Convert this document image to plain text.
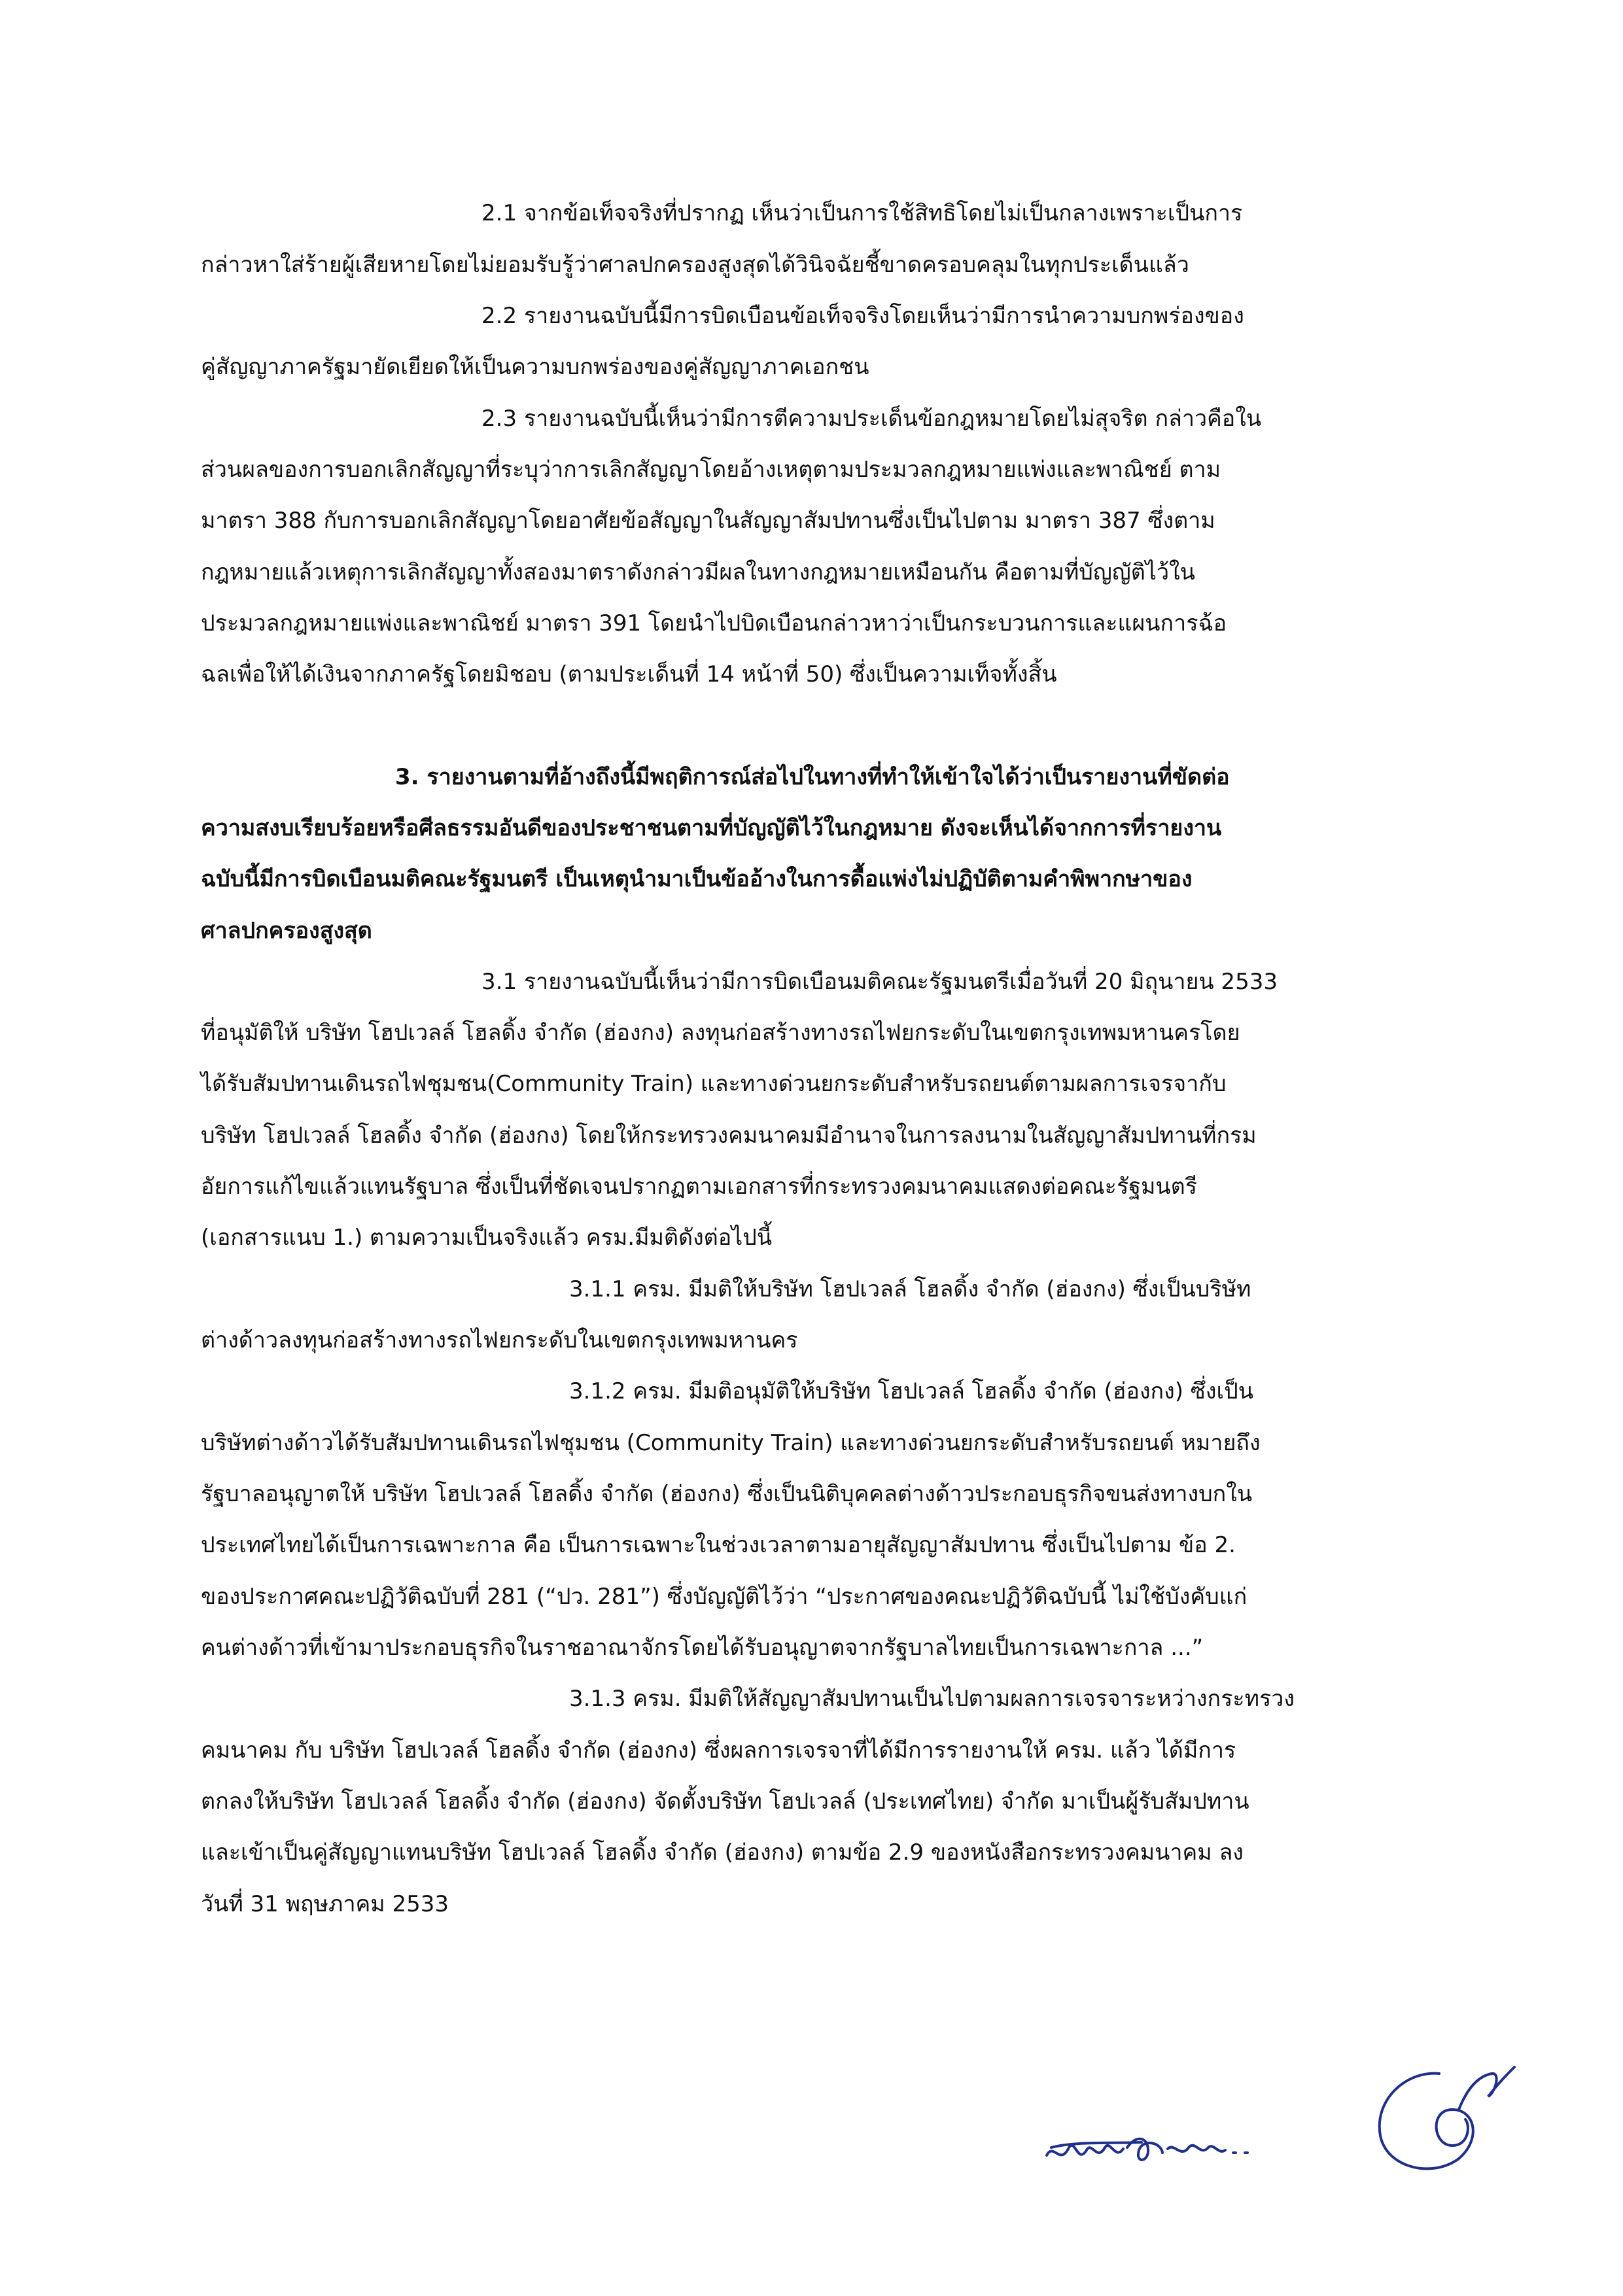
2.1 จากข้อเท็จจริงที่ปรากฏ เห็นว่าเป็นการใช้สิทธิโดยไม่เป็นกลางเพราะเป็นการ
กล่าวหาใส่ร้ายผู้เสียหายโดยไม่ยอมรับรู้ว่าศาลปกครองสูงสุดได้วินิจฉัยชี้ขาดครอบคลุมในทุกประเด็นแล้ว
2.2 รายงานฉบับนี้มีการบิดเบือนข้อเท็จจริงโดยเห็นว่ามีการนำความบกพร่องของ
คู่สัญญาภาครัฐมายัดเยียดให้เป็นความบกพร่องของคู่สัญญาภาคเอกชน
2.3 รายงานฉบับนี้เห็นว่ามีการตีความประเด็นข้อกฎหมายโดยไม่สุจริต กล่าวคือใน
ส่วนผลของการบอกเลิกสัญญาที่ระบุว่าการเลิกสัญญาโดยอ้างเหตุตามประมวลกฎหมายแพ่งและพาณิชย์ ตาม
มาตรา 388 กับการบอกเลิกสัญญาโดยอาศัยข้อสัญญาในสัญญาสัมปทานซึ่งเป็นไปตาม มาตรา 387 ซึ่งตาม
กฎหมายแล้วเหตุการเลิกสัญญาทั้งสองมาตราดังกล่าวมีผลในทางกฎหมายเหมือนกัน คือตามที่บัญญัติไว้ใน
ประมวลกฎหมายแพ่งและพาณิชย์ มาตรา 391 โดยนำไปบิดเบือนกล่าวหาว่าเป็นกระบวนการและแผนการฉ้อ
ฉลเพื่อให้ได้เงินจากภาครัฐโดยมิชอบ (ตามประเด็นที่ 14 หน้าที่ 50) ซึ่งเป็นความเท็จทั้งสิ้น
3. รายงานตามที่อ้างถึงนี้มีพฤติการณ์ส่อไปในทางที่ทำให้เข้าใจได้ว่าเป็นรายงานที่ขัดต่อ
ความสงบเรียบร้อยหรือศีลธรรมอันดีของประชาชนตามที่บัญญัติไว้ในกฎหมาย ดังจะเห็นได้จากการที่รายงาน
ฉบับนี้มีการบิดเบือนมติคณะรัฐมนตรี เป็นเหตุนำมาเป็นข้ออ้างในการดื้อแพ่งไม่ปฏิบัติตามคำพิพากษาของ
ศาลปกครองสูงสุด
3.1 รายงานฉบับนี้เห็นว่ามีการบิดเบือนมติคณะรัฐมนตรีเมื่อวันที่ 20 มิถุนายน 2533
ที่อนุมัติให้ บริษัท โฮปเวลล์ โฮลดิ้ง จำกัด (ฮ่องกง) ลงทุนก่อสร้างทางรถไฟยกระดับในเขตกรุงเทพมหานครโดย
ได้รับสัมปทานเดินรถไฟชุมชน(Community Train) และทางด่วนยกระดับสำหรับรถยนต์ตามผลการเจรจากับ
บริษัท โฮปเวลล์ โฮลดิ้ง จำกัด (ฮ่องกง) โดยให้กระทรวงคมนาคมมีอำนาจในการลงนามในสัญญาสัมปทานที่กรม
อัยการแก้ไขแล้วแทนรัฐบาล ซึ่งเป็นที่ชัดเจนปรากฏตามเอกสารที่กระทรวงคมนาคมแสดงต่อคณะรัฐมนตรี
(เอกสารแนบ 1.) ตามความเป็นจริงแล้ว ครม.มีมติดังต่อไปนี้
3.1.1 ครม. มีมติให้บริษัท โฮปเวลล์ โฮลดิ้ง จำกัด (ฮ่องกง) ซึ่งเป็นบริษัท
ต่างด้าวลงทุนก่อสร้างทางรถไฟยกระดับในเขตกรุงเทพมหานคร
3.1.2 ครม. มีมติอนุมัติให้บริษัท โฮปเวลล์ โฮลดิ้ง จำกัด (ฮ่องกง) ซึ่งเป็น
บริษัทต่างด้าวได้รับสัมปทานเดินรถไฟชุมชน (Community Train) และทางด่วนยกระดับสำหรับรถยนต์ หมายถึง
รัฐบาลอนุญาตให้ บริษัท โฮปเวลล์ โฮลดิ้ง จำกัด (ฮ่องกง) ซึ่งเป็นนิติบุคคลต่างด้าวประกอบธุรกิจขนส่งทางบกใน
ประเทศไทยได้เป็นการเฉพาะกาล คือ เป็นการเฉพาะในช่วงเวลาตามอายุสัญญาสัมปทาน ซึ่งเป็นไปตาม ข้อ 2.
ของประกาศคณะปฏิวัติฉบับที่ 281 (“ปว. 281”) ซึ่งบัญญัติไว้ว่า “ประกาศของคณะปฏิวัติฉบับนี้ ไม่ใช้บังคับแก่
คนต่างด้าวที่เข้ามาประกอบธุรกิจในราชอาณาจักรโดยได้รับอนุญาตจากรัฐบาลไทยเป็นการเฉพาะกาล ...”
3.1.3 ครม. มีมติให้สัญญาสัมปทานเป็นไปตามผลการเจรจาระหว่างกระทรวง
คมนาคม กับ บริษัท โฮปเวลล์ โฮลดิ้ง จำกัด (ฮ่องกง) ซึ่งผลการเจรจาที่ได้มีการรายงานให้ ครม. แล้ว ได้มีการ
ตกลงให้บริษัท โฮปเวลล์ โฮลดิ้ง จำกัด (ฮ่องกง) จัดตั้งบริษัท โฮปเวลล์ (ประเทศไทย) จำกัด มาเป็นผู้รับสัมปทาน
และเข้าเป็นคู่สัญญาแทนบริษัท โฮปเวลล์ โฮลดิ้ง จำกัด (ฮ่องกง) ตามข้อ 2.9 ของหนังสือกระทรวงคมนาคม ลง
วันที่ 31 พฤษภาคม 2533
